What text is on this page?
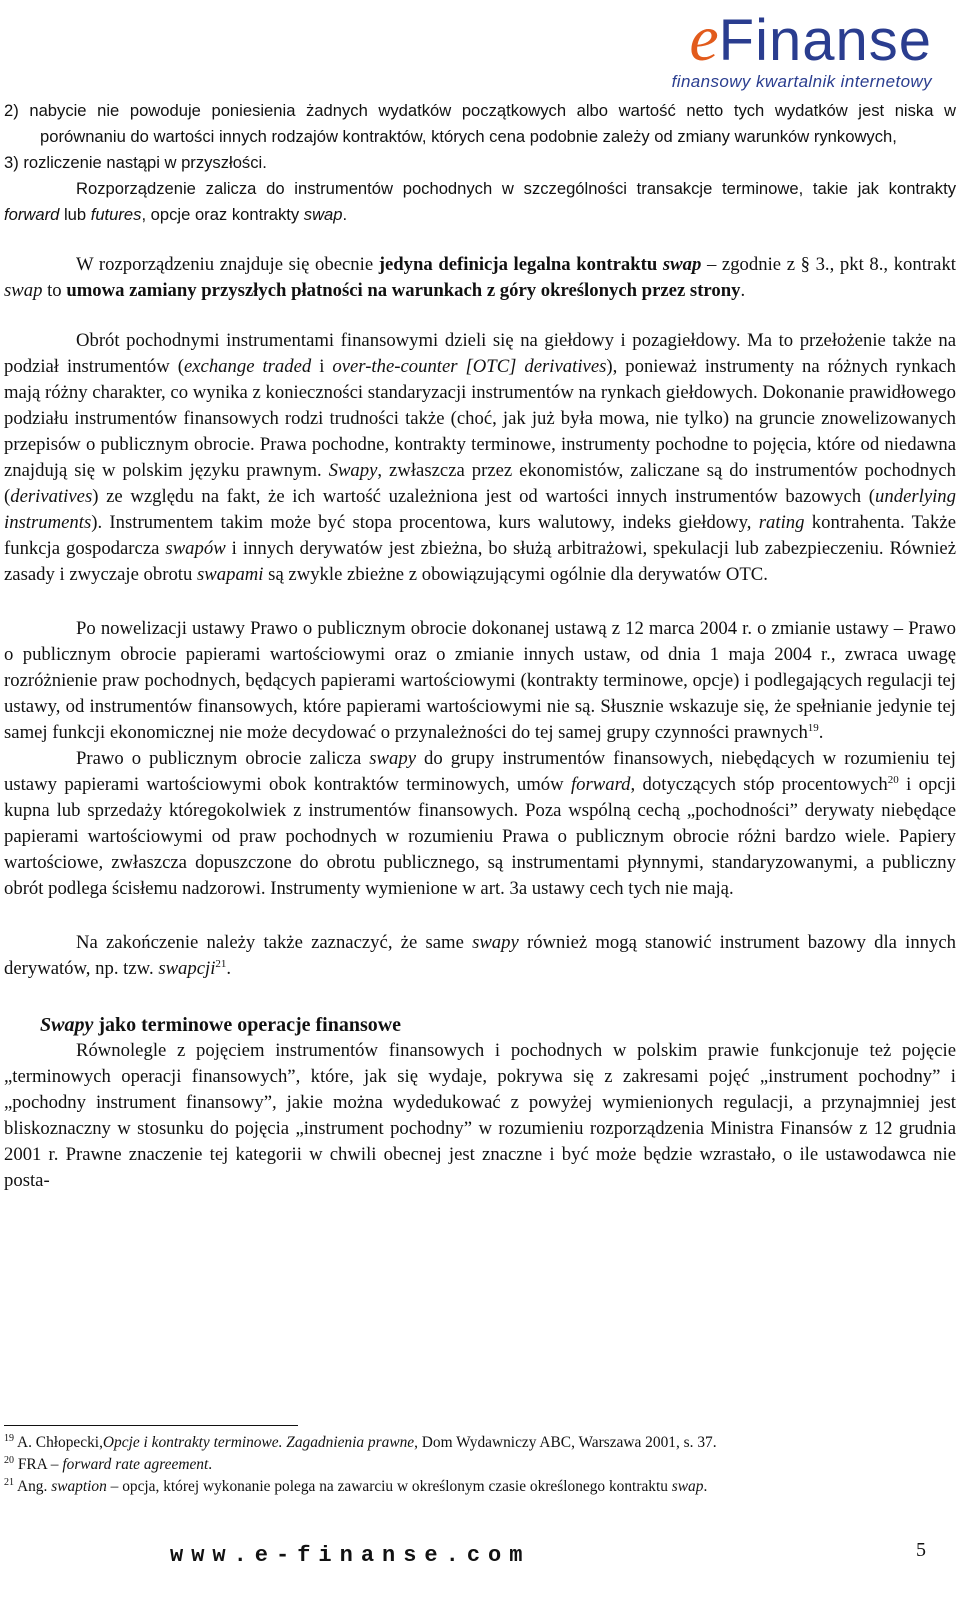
eFinanse
finansowy kwartalnik internetowy

2) nabycie nie powoduje poniesienia żadnych wydatków początkowych albo wartość netto tych wydatków jest niska w porównaniu do wartości innych rodzajów kontraktów, których cena podobnie zależy od zmiany warunków rynkowych,

3) rozliczenie nastąpi w przyszłości.

Rozporządzenie zalicza do instrumentów pochodnych w szczególności transakcje terminowe, takie jak kontrakty forward lub futures, opcje oraz kontrakty swap.

W rozporządzeniu znajduje się obecnie jedyna definicja legalna kontraktu swap – zgodnie z § 3., pkt 8., kontrakt swap to umowa zamiany przyszłych płatności na warunkach z góry określonych przez strony.

Obrót pochodnymi instrumentami finansowymi dzieli się na giełdowy i pozagiełdowy. Ma to przełożenie także na podział instrumentów (exchange traded i over-the-counter [OTC] derivatives), ponieważ instrumenty na różnych rynkach mają różny charakter, co wynika z konieczności standaryzacji instrumentów na rynkach giełdowych. Dokonanie prawidłowego podziału instrumentów finansowych rodzi trudności także (choć, jak już była mowa, nie tylko) na gruncie znowelizowanych przepisów o publicznym obrocie. Prawa pochodne, kontrakty terminowe, instrumenty pochodne to pojęcia, które od niedawna znajdują się w polskim języku prawnym. Swapy, zwłaszcza przez ekonomistów, zaliczane są do instrumentów pochodnych (derivatives) ze względu na fakt, że ich wartość uzależniona jest od wartości innych instrumentów bazowych (underlying instruments). Instrumentem takim może być stopa procentowa, kurs walutowy, indeks giełdowy, rating kontrahenta. Także funkcja gospodarcza swapów i innych derywatów jest zbieżna, bo służą arbitrażowi, spekulacji lub zabezpieczeniu. Również zasady i zwyczaje obrotu swapami są zwykle zbieżne z obowiązującymi ogólnie dla derywatów OTC.

Po nowelizacji ustawy Prawo o publicznym obrocie dokonanej ustawą z 12 marca 2004 r. o zmianie ustawy – Prawo o publicznym obrocie papierami wartościowymi oraz o zmianie innych ustaw, od dnia 1 maja 2004 r., zwraca uwagę rozróżnienie praw pochodnych, będących papierami wartościowymi (kontrakty terminowe, opcje) i podlegających regulacji tej ustawy, od instrumentów finansowych, które papierami wartościowymi nie są. Słusznie wskazuje się, że spełnianie jedynie tej samej funkcji ekonomicznej nie może decydować o przynależności do tej samej grupy czynności prawnych$^{19}$.

Prawo o publicznym obrocie zalicza swapy do grupy instrumentów finansowych, niebędących w rozumieniu tej ustawy papierami wartościowymi obok kontraktów terminowych, umów forward, dotyczących stóp procentowych$^{20}$ i opcji kupna lub sprzedaży któregokolwiek z instrumentów finansowych. Poza wspólną cechą „pochodności” derywaty niebędące papierami wartościowymi od praw pochodnych w rozumieniu Prawa o publicznym obrocie różni bardzo wiele. Papiery wartościowe, zwłaszcza dopuszczone do obrotu publicznego, są instrumentami płynnymi, standaryzowanymi, a publiczny obrót podlega ścisłemu nadzorowi. Instrumenty wymienione w art. 3a ustawy cech tych nie mają.

Na zakończenie należy także zaznaczyć, że same swapy również mogą stanowić instrument bazowy dla innych derywatów, np. tzw. swapcji$^{21}$.

Swapy jako terminowe operacje finansowe

Równolegle z pojęciem instrumentów finansowych i pochodnych w polskim prawie funkcjonuje też pojęcie „terminowych operacji finansowych”, które, jak się wydaje, pokrywa się z zakresami pojęć „instrument pochodny” i „pochodny instrument finansowy”, jakie można wydedukować z powyżej wymienionych regulacji, a przynajmniej jest bliskoznaczny w stosunku do pojęcia „instrument pochodny” w rozumieniu rozporządzenia Ministra Finansów z 12 grudnia 2001 r. Prawne znaczenie tej kategorii w chwili obecnej jest znaczne i być może będzie wzrastało, o ile ustawodawca nie posta-

$^{19}$ A. Chłopecki,Opcje i kontrakty terminowe. Zagadnienia prawne, Dom Wydawniczy ABC, Warszawa 2001, s. 37.
$^{20}$ FRA – forward rate agreement.
$^{21}$ Ang. swaption – opcja, której wykonanie polega na zawarciu w określonym czasie określonego kontraktu swap.
www.e-finanse.com	5
